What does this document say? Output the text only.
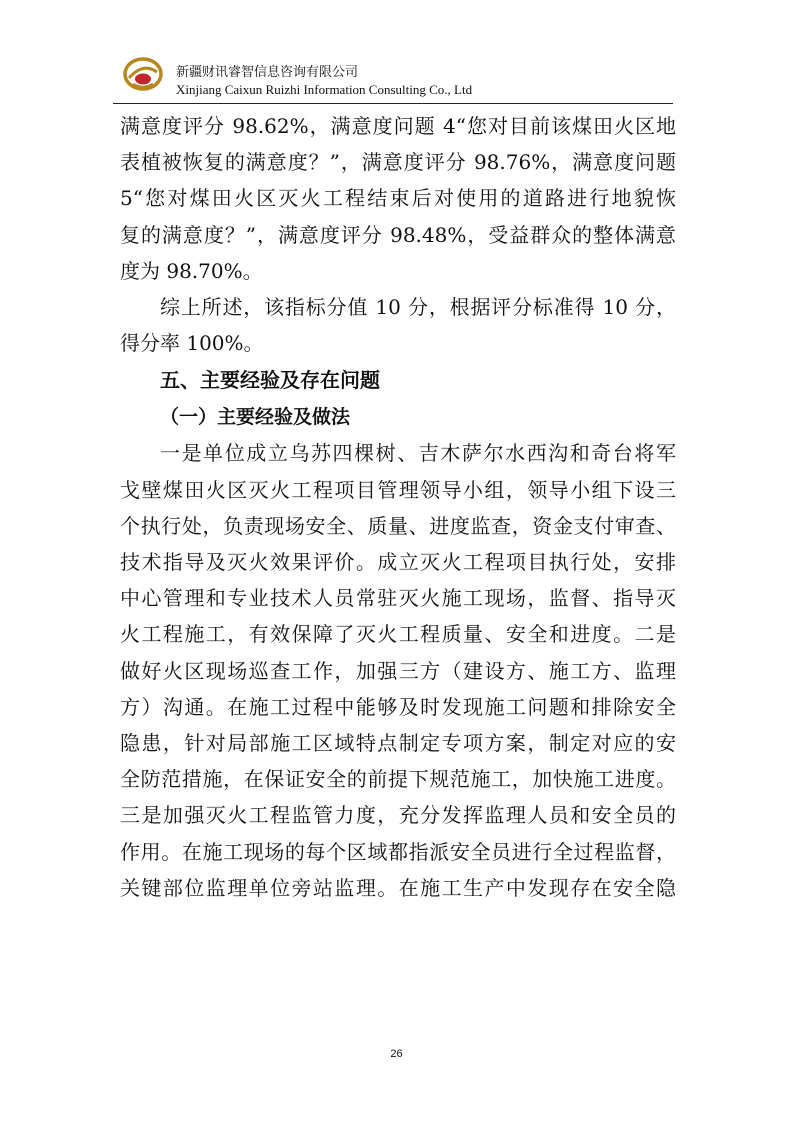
新疆财讯睿智信息咨询有限公司
Xinjiang Caixun Ruizhi Information Consulting Co., Ltd

满意度评分 98.62%，满意度问题 4“您对目前该煤田火区地

表植被恢复的满意度？”，满意度评分 98.76%，满意度问题

5“您对煤田火区灭火工程结束后对使用的道路进行地貌恢

复的满意度？”，满意度评分 98.48%，受益群众的整体满意

度为 98.70%。

综上所述，该指标分值 10 分，根据评分标准得 10 分，

得分率 100%。

五、主要经验及存在问题
（一）主要经验及做法

一是单位成立乌苏四棵树、吉木萨尔水西沟和奇台将军

戈壁煤田火区灭火工程项目管理领导小组，领导小组下设三

个执行处，负责现场安全、质量、进度监查，资金支付审查、

技术指导及灭火效果评价。成立灭火工程项目执行处，安排

中心管理和专业技术人员常驻灭火施工现场，监督、指导灭

火工程施工，有效保障了灭火工程质量、安全和进度。二是

做好火区现场巡查工作，加强三方（建设方、施工方、监理

方）沟通。在施工过程中能够及时发现施工问题和排除安全

隐患，针对局部施工区域特点制定专项方案，制定对应的安

全防范措施，在保证安全的前提下规范施工，加快施工进度。

三是加强灭火工程监管力度，充分发挥监理人员和安全员的

作用。在施工现场的每个区域都指派安全员进行全过程监督，

关键部位监理单位旁站监理。在施工生产中发现存在安全隐

26
